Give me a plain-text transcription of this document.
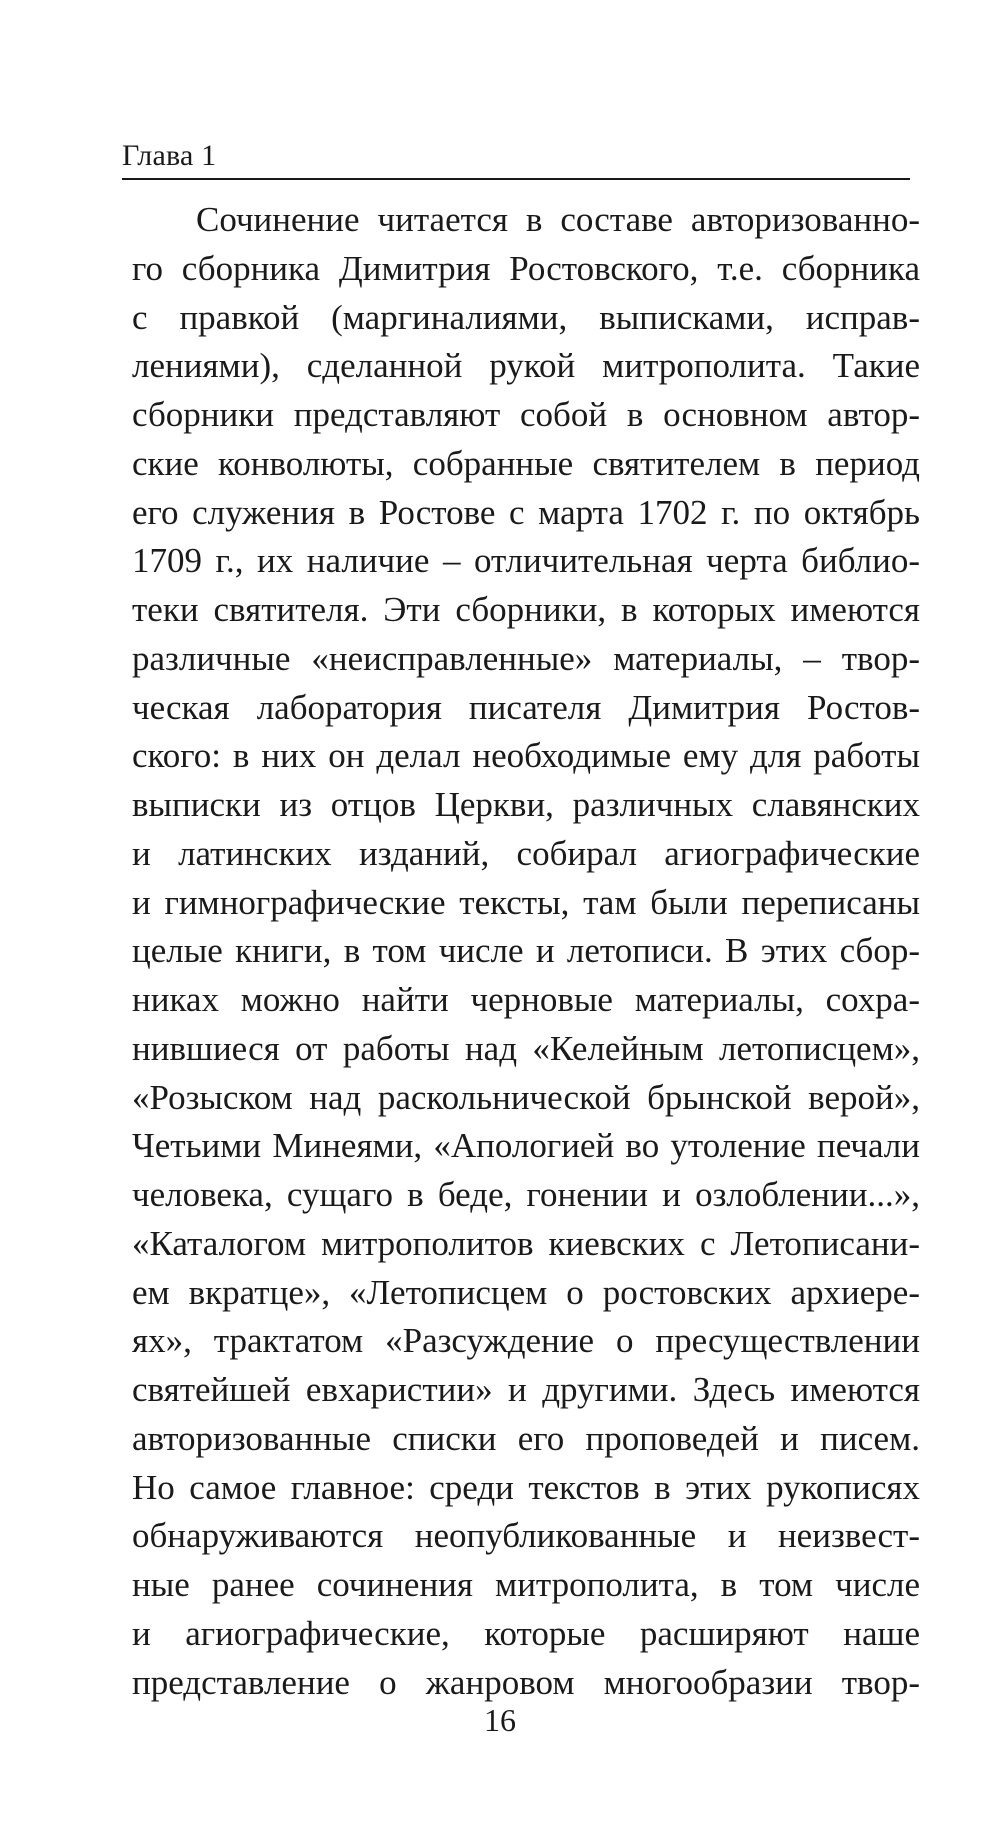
Глава 1
Сочинение читается в составе авторизованно-
го сборника Димитрия Ростовского, т.е. сборника
с правкой (маргиналиями, выписками, исправ-
лениями), сделанной рукой митрополита. Такие
сборники представляют собой в основном автор-
ские конволюты, собранные святителем в период
его служения в Ростове с марта 1702 г. по октябрь
1709 г., их наличие – отличительная черта библио-
теки святителя. Эти сборники, в которых имеются
различные «неисправленные» материалы, – твор-
ческая лаборатория писателя Димитрия Ростов-
ского: в них он делал необходимые ему для работы
выписки из отцов Церкви, различных славянских
и латинских изданий, собирал агиографические
и гимнографические тексты, там были переписаны
целые книги, в том числе и летописи. В этих сбор-
никах можно найти черновые материалы, сохра-
нившиеся от работы над «Келейным летописцем»,
«Розыском над раскольнической брынской верой»,
Четьими Минеями, «Апологией во утоление печали
человека, сущаго в беде, гонении и озлоблении...»,
«Каталогом митрополитов киевских с Летописани-
ем вкратце», «Летописцем о ростовских архиере-
ях», трактатом «Разсуждение о пресуществлении
святейшей евхаристии» и другими. Здесь имеются
авторизованные списки его проповедей и писем.
Но самое главное: среди текстов в этих рукописях
обнаруживаются неопубликованные и неизвест-
ные ранее сочинения митрополита, в том числе
и агиографические, которые расширяют наше
представление о жанровом многообразии твор-
16
